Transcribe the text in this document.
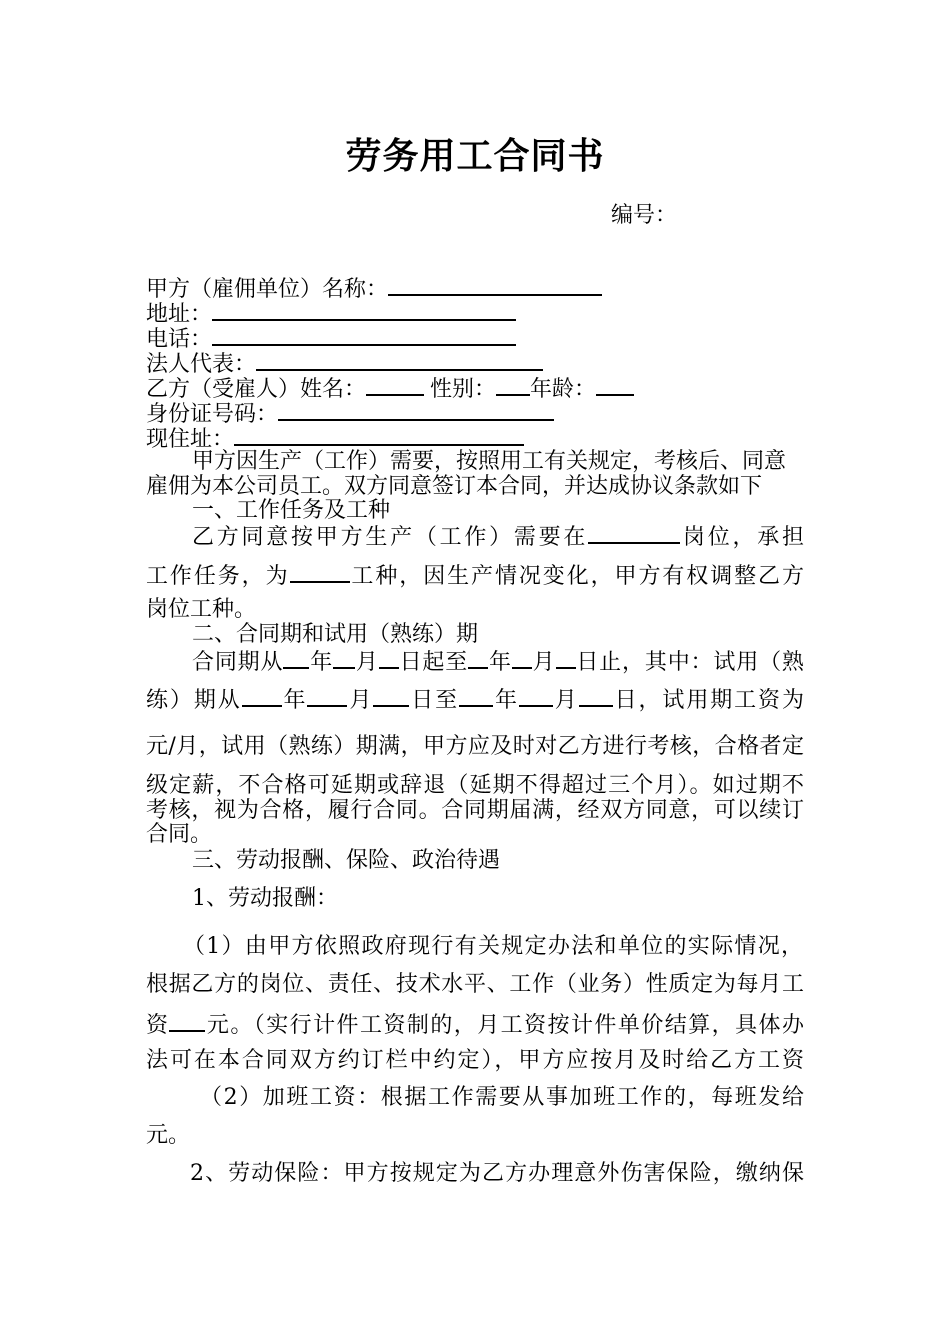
劳务用工合同书
编号：
甲方（雇佣单位）名称：
地址：
电话：
法人代表：
乙方（受雇人）姓名：	性别： 年龄：
身份证号码：
现住址：
甲方因生产（工作）需要，按照用工有关规定，考核后、同意
雇佣为本公司员工。双方同意签订本合同，并达成协议条款如下
一、工作任务及工种
乙方同意按甲方生产（工作）需要在	岗位，承担
工作任务，为	工种，因生产情况变化，甲方有权调整乙方
岗位工种。
二、合同期和试用（熟练）期
合同期从 年 月 日起至 年 月 日止，其中：试用（熟
练）期从 年 月 日至 年 月 日，试用期工资为
元/月，试用（熟练）期满，甲方应及时对乙方进行考核，合格者定
级定薪，不合格可延期或辞退（延期不得超过三个月）。如过期不
考核，视为合格，履行合同。合同期届满，经双方同意，可以续订
合同。
三、劳动报酬、保险、政治待遇
1、劳动报酬：
（1）由甲方依照政府现行有关规定办法和单位的实际情况，
根据乙方的岗位、责任、技术水平、工作（业务）性质定为每月工
资 元。（实行计件工资制的，月工资按计件单价结算，具体办
法可在本合同双方约订栏中约定），甲方应按月及时给乙方工资
（2）加班工资：根据工作需要从事加班工作的，每班发给
元。
2、劳动保险：甲方按规定为乙方办理意外伤害保险，缴纳保
